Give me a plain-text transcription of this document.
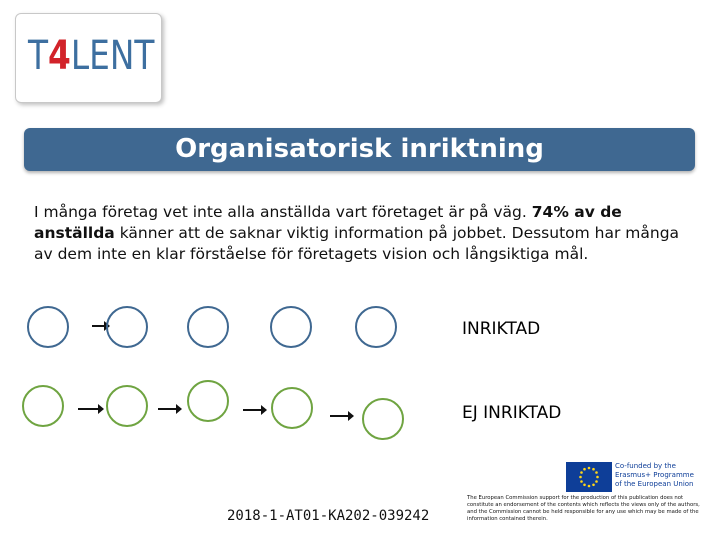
T4LENT
Organisatorisk inriktning
I många företag vet inte alla anställda vart företaget är på väg. 74% av de anställda känner att de saknar viktig information på jobbet. Dessutom har många av dem inte en klar förståelse för företagets vision och långsiktiga mål.
INRIKTAD
EJ INRIKTAD
2018-1-AT01-KA202-039242
Co-funded by the
Erasmus+ Programme
of the European Union
The European Commission support for the production of this publication does not constitute an endorsement of the contents which reflects the views only of the authors, and the Commission cannot be held responsible for any use which may be made of the information contained therein.
